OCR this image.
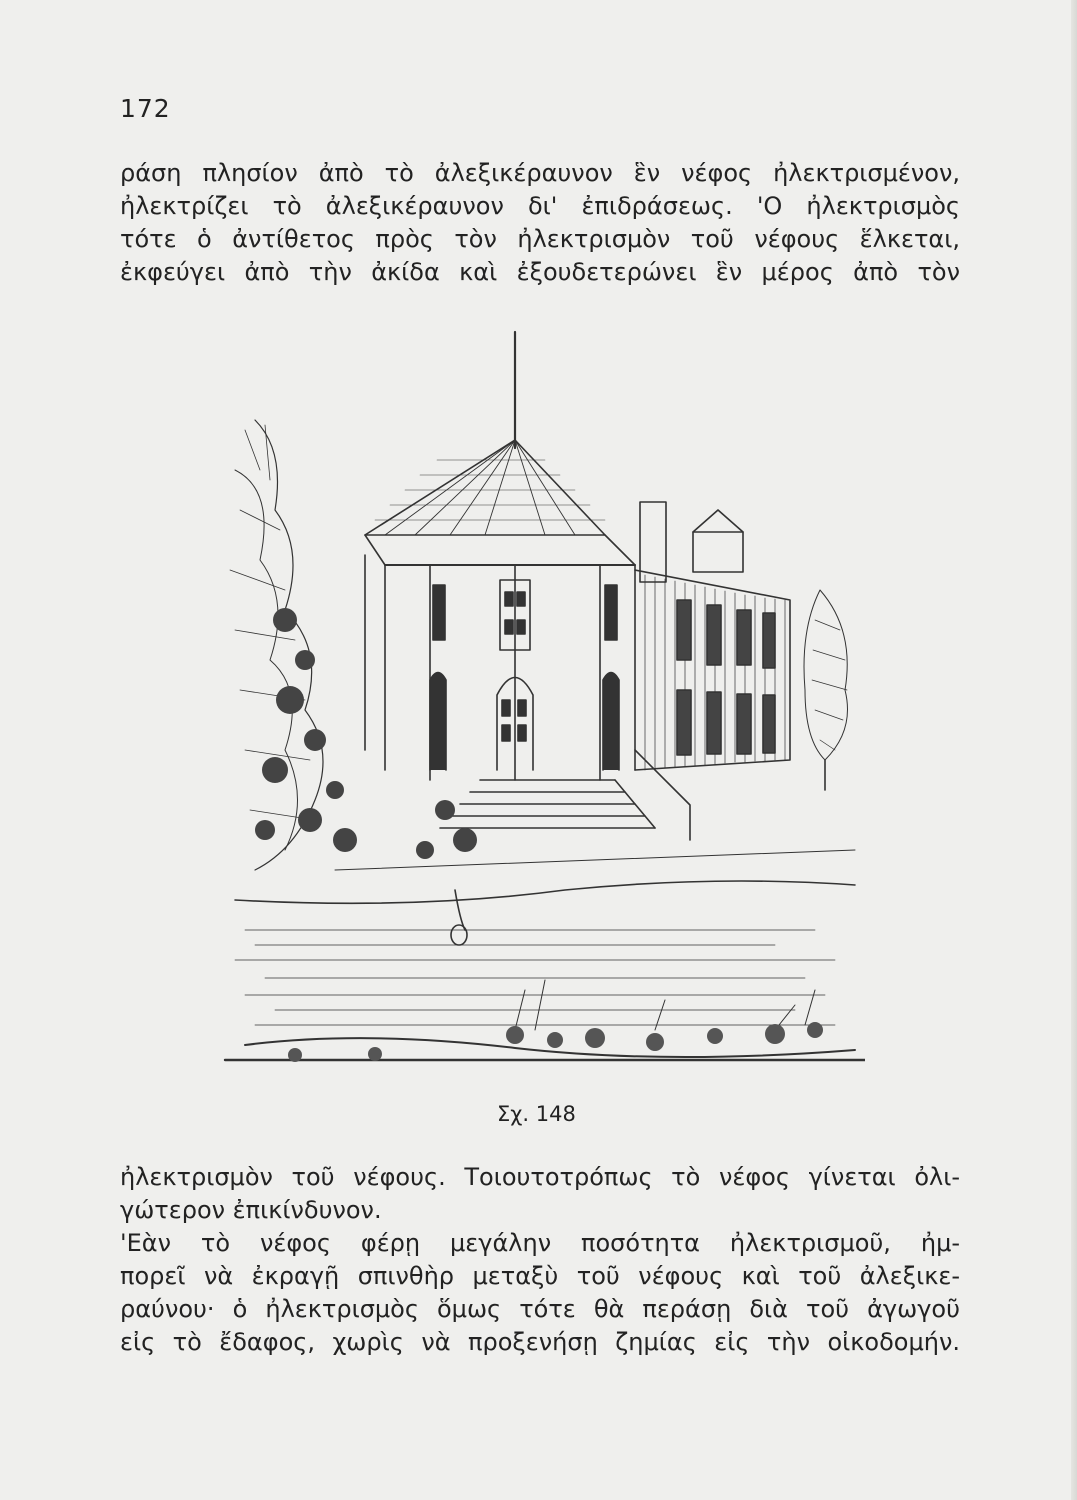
172
ράση πλησίον ἀπὸ τὸ ἀλεξικέραυνον ἓν νέφος ἠλεκτρισμένον,
ἠλεκτρίζει τὸ ἀλεξικέραυνον δι' ἐπιδράσεως. 'Ο ἠλεκτρισμὸς
τότε ὁ ἀντίθετος πρὸς τὸν ἠλεκτρισμὸν τοῦ νέφους ἕλκεται,
ἐκφεύγει ἀπὸ τὴν ἀκίδα καὶ ἐξουδετερώνει ἓν μέρος ἀπὸ τὸν
Σχ. 148
ἠλεκτρισμὸν τοῦ νέφους. Τοιουτοτρόπως τὸ νέφος γίνεται ὀλι-
γώτερον ἐπικίνδυνον.
'Εὰν τὸ νέφος φέρῃ μεγάλην ποσότητα ἠλεκτρισμοῦ, ἠμ-
πορεῖ νὰ ἐκραγῇ σπινθὴρ μεταξὺ τοῦ νέφους καὶ τοῦ ἀλεξικε-
ραύνου· ὁ ἠλεκτρισμὸς ὅμως τότε θὰ περάσῃ διὰ τοῦ ἀγωγοῦ
εἰς τὸ ἔδαφος, χωρὶς νὰ προξενήσῃ ζημίας εἰς τὴν οἰκοδομήν.
